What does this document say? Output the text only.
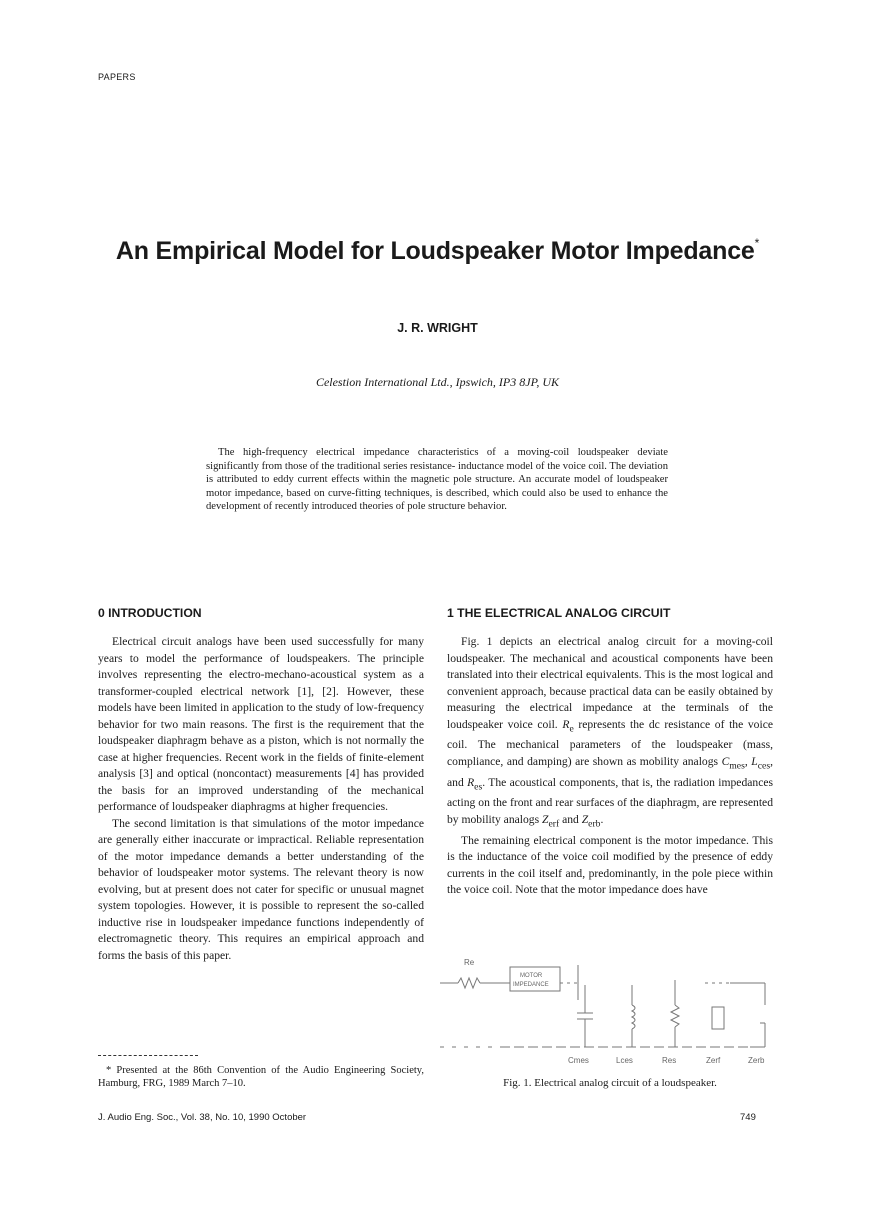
PAPERS
An Empirical Model for Loudspeaker Motor Impedance*
J. R. WRIGHT
Celestion International Ltd., Ipswich, IP3 8JP, UK
The high-frequency electrical impedance characteristics of a moving-coil loudspeaker deviate significantly from those of the traditional series resistance- inductance model of the voice coil. The deviation is attributed to eddy current effects within the magnetic pole structure. An accurate model of loudspeaker motor impedance, based on curve-fitting techniques, is described, which could also be used to enhance the development of recently introduced theories of pole structure behavior.
0 INTRODUCTION	1 THE ELECTRICAL ANALOG CIRCUIT

Electrical circuit analogs have been used successfully for many years to model the performance of loudspeakers. The principle involves representing the electro-mechano-acoustical system as a transformer-coupled electrical network [1], [2]. However, these models have been limited in application to the study of low-frequency behavior for two main reasons. The first is the requirement that the loudspeaker diaphragm behave as a piston, which is not normally the case at higher frequencies. Recent work in the fields of finite-element analysis [3] and optical (noncontact) measurements [4] has provided the basis for an improved understanding of the mechanical performance of loudspeaker diaphragms at higher frequencies.

The second limitation is that simulations of the motor impedance are generally either inaccurate or impractical. Reliable representation of the motor impedance demands a better understanding of the behavior of loudspeaker motor systems. The relevant theory is now evolving, but at present does not cater for specific or unusual magnet system topologies. However, it is possible to represent the so-called inductive rise in loudspeaker impedance functions independently of electromagnetic theory. This requires an empirical approach and forms the basis of this paper.

Fig. 1 depicts an electrical analog circuit for a moving-coil loudspeaker. The mechanical and acoustical components have been translated into their electrical equivalents. This is the most logical and convenient approach, because practical data can be easily obtained by measuring the electrical impedance at the terminals of the loudspeaker voice coil. $R_e$ represents the dc resistance of the voice coil. The mechanical parameters of the loudspeaker (mass, compliance, and damping) are shown as mobility analogs $C_{mes}$, $L_{ces}$, and $R_{es}$. The acoustical components, that is, the radiation impedances acting on the front and rear surfaces of the diaphragm, are represented by mobility analogs $Z_{erf}$ and $Z_{erb}$.

The remaining electrical component is the motor impedance. This is the inductance of the voice coil modified by the presence of eddy currents in the coil itself and, predominantly, in the pole piece within the voice coil. Note that the motor impedance does have

Re
MOTOR
IMPEDANCE
Cmes	Lces	Res	Zerf	Zerb
Fig. 1. Electrical analog circuit of a loudspeaker.
* Presented at the 86th Convention of the Audio Engineering Society, Hamburg, FRG, 1989 March 7–10.
J. Audio Eng. Soc., Vol. 38, No. 10, 1990 October	749
